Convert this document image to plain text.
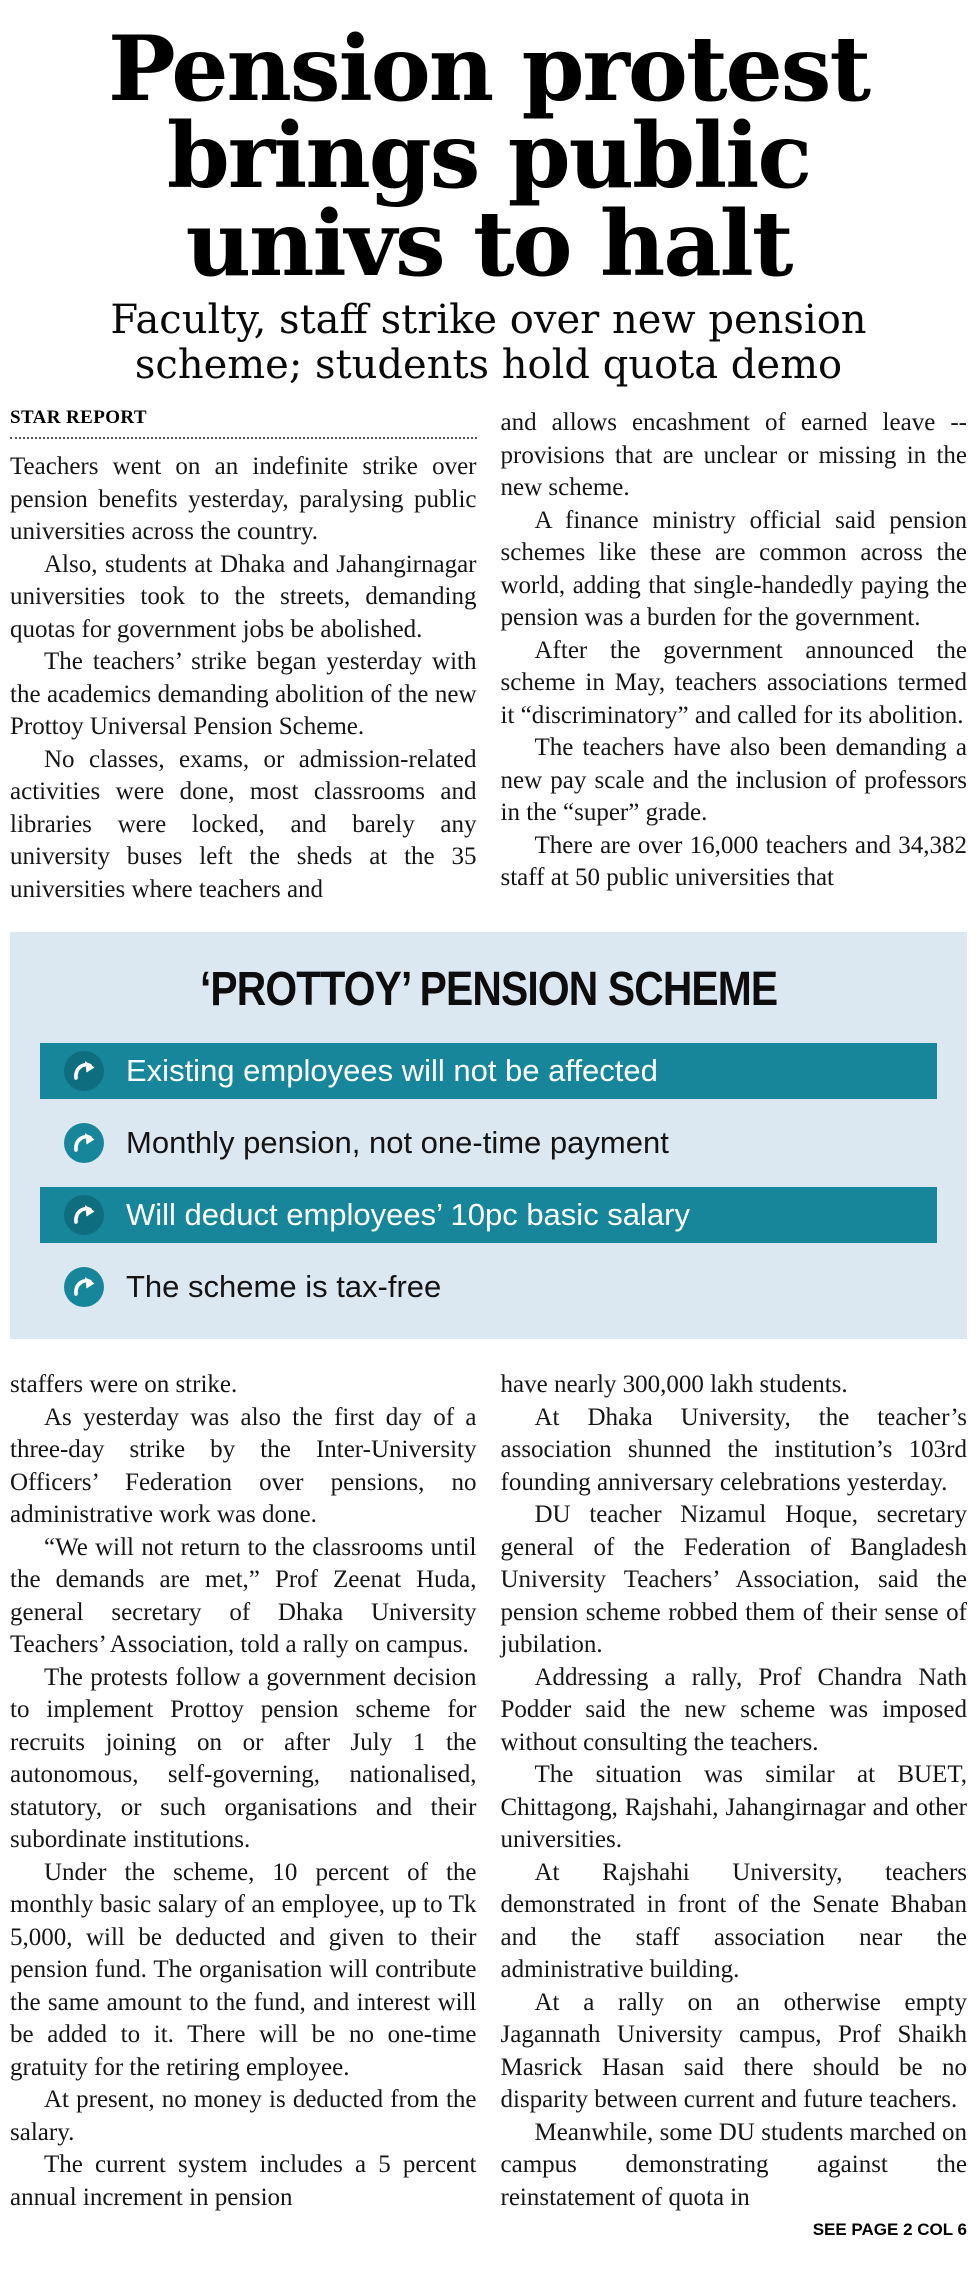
Pension protest
brings public
univs to halt
Faculty, staff strike over new pension
scheme; students hold quota demo
STAR REPORT

Teachers went on an indefinite strike over pension benefits yesterday, paralysing public universities across the country.

Also, students at Dhaka and Jahangirnagar universities took to the streets, demanding quotas for government jobs be abolished.

The teachers’ strike began yesterday with the academics demanding abolition of the new Prottoy Universal Pension Scheme.

No classes, exams, or admission-related activities were done, most classrooms and libraries were locked, and barely any university buses left the sheds at the 35 universities where teachers and

and allows encashment of earned leave -- provisions that are unclear or missing in the new scheme.

A finance ministry official said pension schemes like these are common across the world, adding that single-handedly paying the pension was a burden for the government.

After the government announced the scheme in May, teachers associations termed it “discriminatory” and called for its abolition.

The teachers have also been demanding a new pay scale and the inclusion of professors in the “super” grade.

There are over 16,000 teachers and 34,382 staff at 50 public universities that

‘PROTTOY’ PENSION SCHEME
Existing employees will not be affected
Monthly pension, not one-time payment
Will deduct employees’ 10pc basic salary
The scheme is tax-free

staffers were on strike.

As yesterday was also the first day of a three-day strike by the Inter-University Officers’ Federation over pensions, no administrative work was done.

“We will not return to the classrooms until the demands are met,” Prof Zeenat Huda, general secretary of Dhaka University Teachers’ Association, told a rally on campus.

The protests follow a government decision to implement Prottoy pension scheme for recruits joining on or after July 1 the autonomous, self-governing, nationalised, statutory, or such organisations and their subordinate institutions.

Under the scheme, 10 percent of the monthly basic salary of an employee, up to Tk 5,000, will be deducted and given to their pension fund. The organisation will contribute the same amount to the fund, and interest will be added to it. There will be no one-time gratuity for the retiring employee.

At present, no money is deducted from the salary.

The current system includes a 5 percent annual increment in pension

have nearly 300,000 lakh students.

At Dhaka University, the teacher’s association shunned the institution’s 103rd founding anniversary celebrations yesterday.

DU teacher Nizamul Hoque, secretary general of the Federation of Bangladesh University Teachers’ Association, said the pension scheme robbed them of their sense of jubilation.

Addressing a rally, Prof Chandra Nath Podder said the new scheme was imposed without consulting the teachers.

The situation was similar at BUET, Chittagong, Rajshahi, Jahangirnagar and other universities.

At Rajshahi University, teachers demonstrated in front of the Senate Bhaban and the staff association near the administrative building.

At a rally on an otherwise empty Jagannath University campus, Prof Shaikh Masrick Hasan said there should be no disparity between current and future teachers.

Meanwhile, some DU students marched on campus demonstrating against the reinstatement of quota in

SEE PAGE 2 COL 6
